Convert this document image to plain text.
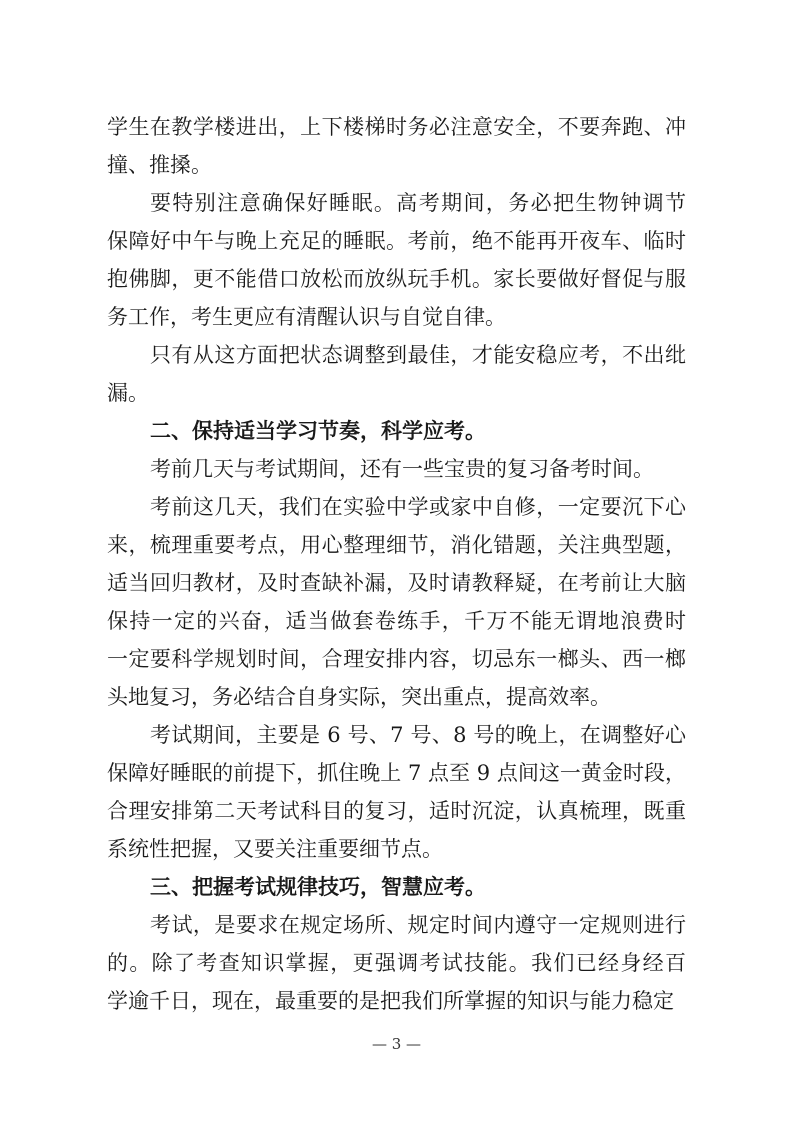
学生在教学楼进出，上下楼梯时务必注意安全，不要奔跑、冲
撞、推搡。
要特别注意确保好睡眠。高考期间，务必把生物钟调节
保障好中午与晚上充足的睡眠。考前，绝不能再开夜车、临时
抱佛脚，更不能借口放松而放纵玩手机。家长要做好督促与服
务工作，考生更应有清醒认识与自觉自律。
只有从这方面把状态调整到最佳，才能安稳应考，不出纰
漏。
二、保持适当学习节奏，科学应考。
考前几天与考试期间，还有一些宝贵的复习备考时间。
考前这几天，我们在实验中学或家中自修，一定要沉下心
来，梳理重要考点，用心整理细节，消化错题，关注典型题，
适当回归教材，及时查缺补漏，及时请教释疑，在考前让大脑
保持一定的兴奋，适当做套卷练手，千万不能无谓地浪费时
一定要科学规划时间，合理安排内容，切忌东一榔头、西一榔
头地复习，务必结合自身实际，突出重点，提高效率。
考试期间，主要是 6 号、7 号、8 号的晚上，在调整好心
保障好睡眠的前提下，抓住晚上 7 点至 9 点间这一黄金时段，
合理安排第二天考试科目的复习，适时沉淀，认真梳理，既重
系统性把握，又要关注重要细节点。
三、把握考试规律技巧，智慧应考。
考试，是要求在规定场所、规定时间内遵守一定规则进行
的。除了考查知识掌握，更强调考试技能。我们已经身经百
学逾千日，现在，最重要的是把我们所掌握的知识与能力稳定
— 3 —
